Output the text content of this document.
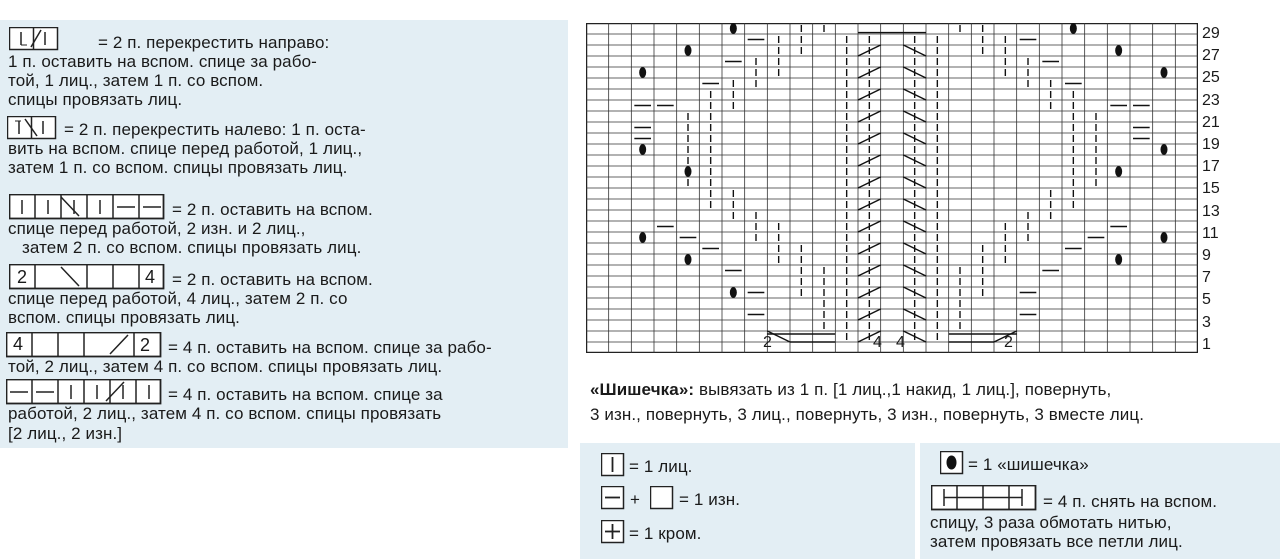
= 2 п. перекрестить направо:
1 п. оставить на вспом. спице за рабо-
той, 1 лиц., затем 1 п. со вспом.
спицы провязать лиц.
= 2 п. перекрестить налево: 1 п. оста-
вить на вспом. спице перед работой, 1 лиц.,
затем 1 п. со вспом. спицы провязать лиц.
= 2 п. оставить на вспом.
спице перед работой, 2 изн. и 2 лиц.,
затем 2 п. со вспом. спицы провязать лиц.
2	4 = 2 п. оставить на вспом.
спице перед работой, 4 лиц., затем 2 п. со
вспом. спицы провязать лиц.
4	2 = 4 п. оставить на вспом. спице за рабо-
той, 2 лиц., затем 4 п. со вспом. спицы провязать лиц.
= 4 п. оставить на вспом. спице за
работой, 2 лиц., затем 4 п. со вспом. спицы провязать
[2 лиц., 2 изн.]
29
27
25
23
21
19
17
15
13
11
9
7
5
3
1
2	4 4	2
«Шишечка»: вывязать из 1 п. [1 лиц.,1 накид, 1 лиц.], повернуть,
3 изн., повернуть, 3 лиц., повернуть, 3 изн., повернуть, 3 вместе лиц.
= 1 лиц.
+ = 1 изн.
= 1 кром.
= 1 «шишечка»
= 4 п. снять на вспом.
спицу, 3 раза обмотать нитью,
затем провязать все петли лиц.
